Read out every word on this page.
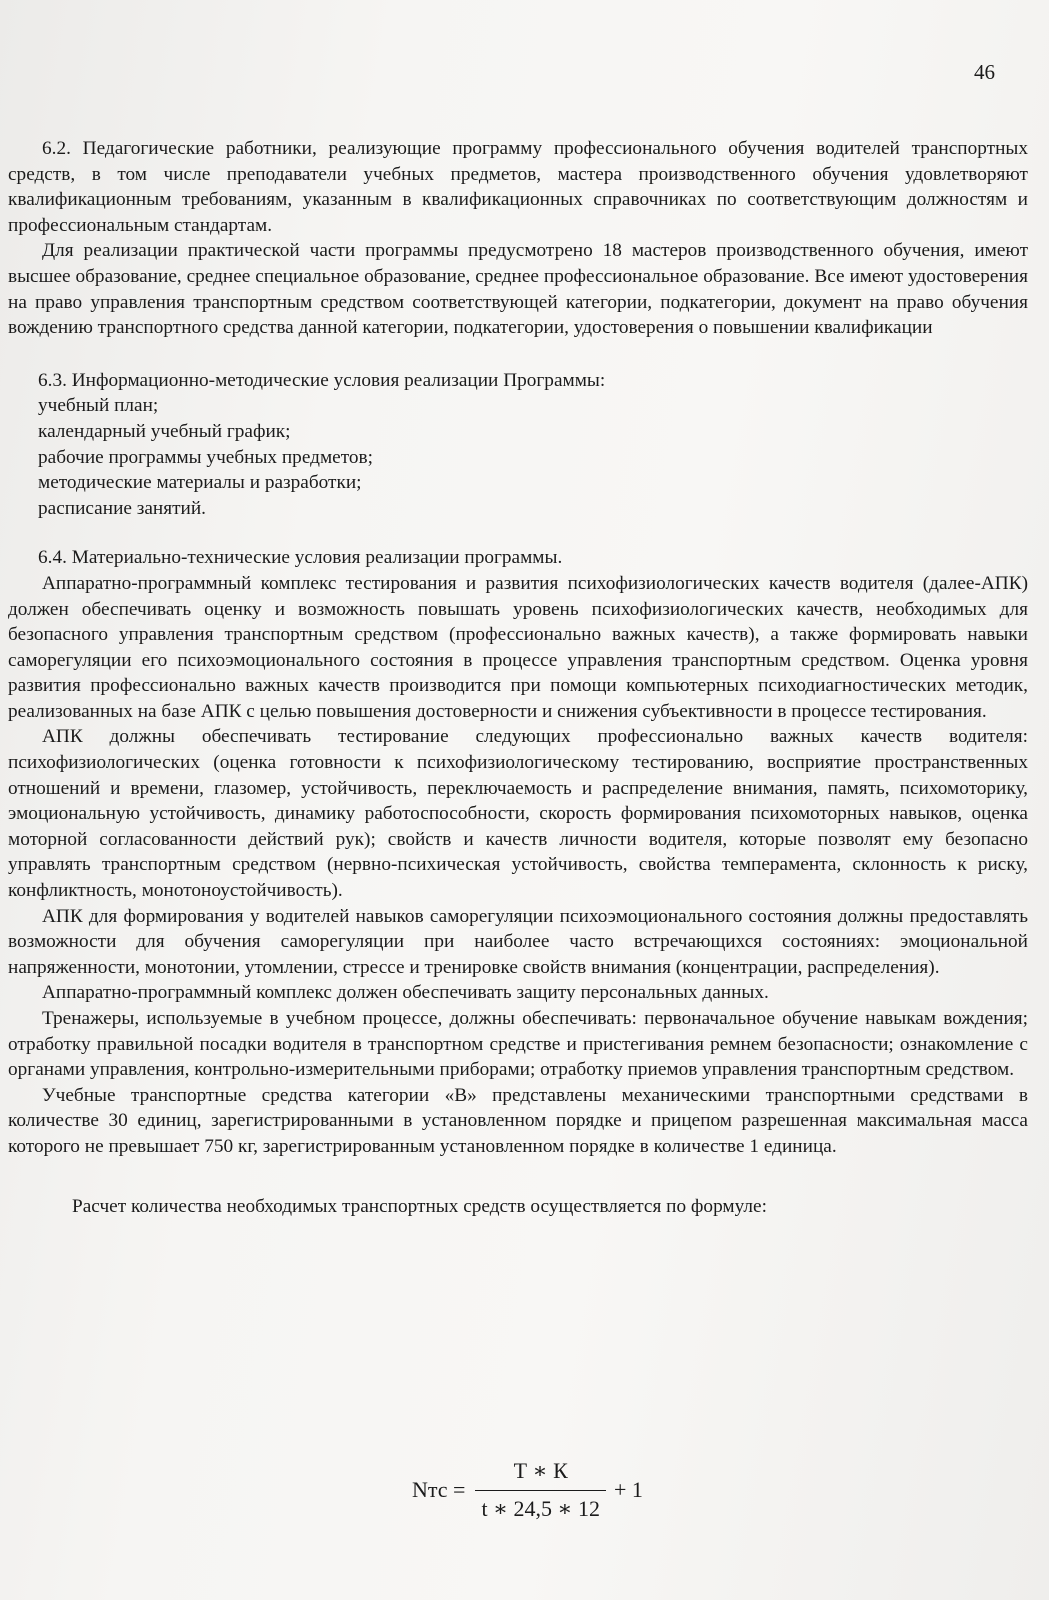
46

6.2. Педагогические работники, реализующие программу профессионального обучения водителей транспортных средств, в том числе преподаватели учебных предметов, мастера производственного обучения удовлетворяют квалификационным требованиям, указанным в квалификационных справочниках по соответствующим должностям и профессиональным стандартам.

Для реализации практической части программы предусмотрено 18 мастеров производственного обучения, имеют высшее образование, среднее специальное образование, среднее профессиональное образование. Все имеют удостоверения на право управления транспортным средством соответствующей категории, подкатегории, документ на право обучения вождению транспортного средства данной категории, подкатегории, удостоверения о повышении квалификации

6.3. Информационно-методические условия реализации Программы:

учебный план;

календарный учебный график;

рабочие программы учебных предметов;

методические материалы и разработки;

расписание занятий.

6.4. Материально-технические условия реализации программы.

Аппаратно-программный комплекс тестирования и развития психофизиологических качеств водителя (далее-АПК) должен обеспечивать оценку и возможность повышать уровень психофизиологических качеств, необходимых для безопасного управления транспортным средством (профессионально важных качеств), а также формировать навыки саморегуляции его психоэмоционального состояния в процессе управления транспортным средством. Оценка уровня развития профессионально важных качеств производится при помощи компьютерных психодиагностических методик, реализованных на базе АПК с целью повышения достоверности и снижения субъективности в процессе тестирования.

АПК должны обеспечивать тестирование следующих профессионально важных качеств водителя: психофизиологических (оценка готовности к психофизиологическому тестированию, восприятие пространственных отношений и времени, глазомер, устойчивость, переключаемость и распределение внимания, память, психомоторику, эмоциональную устойчивость, динамику работоспособности, скорость формирования психомоторных навыков, оценка моторной согласованности действий рук); свойств и качеств личности водителя, которые позволят ему безопасно управлять транспортным средством (нервно-психическая устойчивость, свойства темперамента, склонность к риску, конфликтность, монотоноустойчивость).

АПК для формирования у водителей навыков саморегуляции психоэмоционального состояния должны предоставлять возможности для обучения саморегуляции при наиболее часто встречающихся состояниях: эмоциональной напряженности, монотонии, утомлении, стрессе и тренировке свойств внимания (концентрации, распределения).

Аппаратно-программный комплекс должен обеспечивать защиту персональных данных.

Тренажеры, используемые в учебном процессе, должны обеспечивать: первоначальное обучение навыкам вождения; отработку правильной посадки водителя в транспортном средстве и пристегивания ремнем безопасности; ознакомление с органами управления, контрольно-измерительными приборами; отработку приемов управления транспортным средством.

Учебные транспортные средства категории «В» представлены механическими транспортными средствами в количестве 30 единиц, зарегистрированными в установленном порядке и прицепом разрешенная максимальная масса которого не превышает 750 кг, зарегистрированным установленном порядке в количестве 1 единица.

Расчет количества необходимых транспортных средств осуществляется по формуле:

Nтс = $\frac{Т ∗ К}{t ∗ 24,5 ∗ 12} + 1$
